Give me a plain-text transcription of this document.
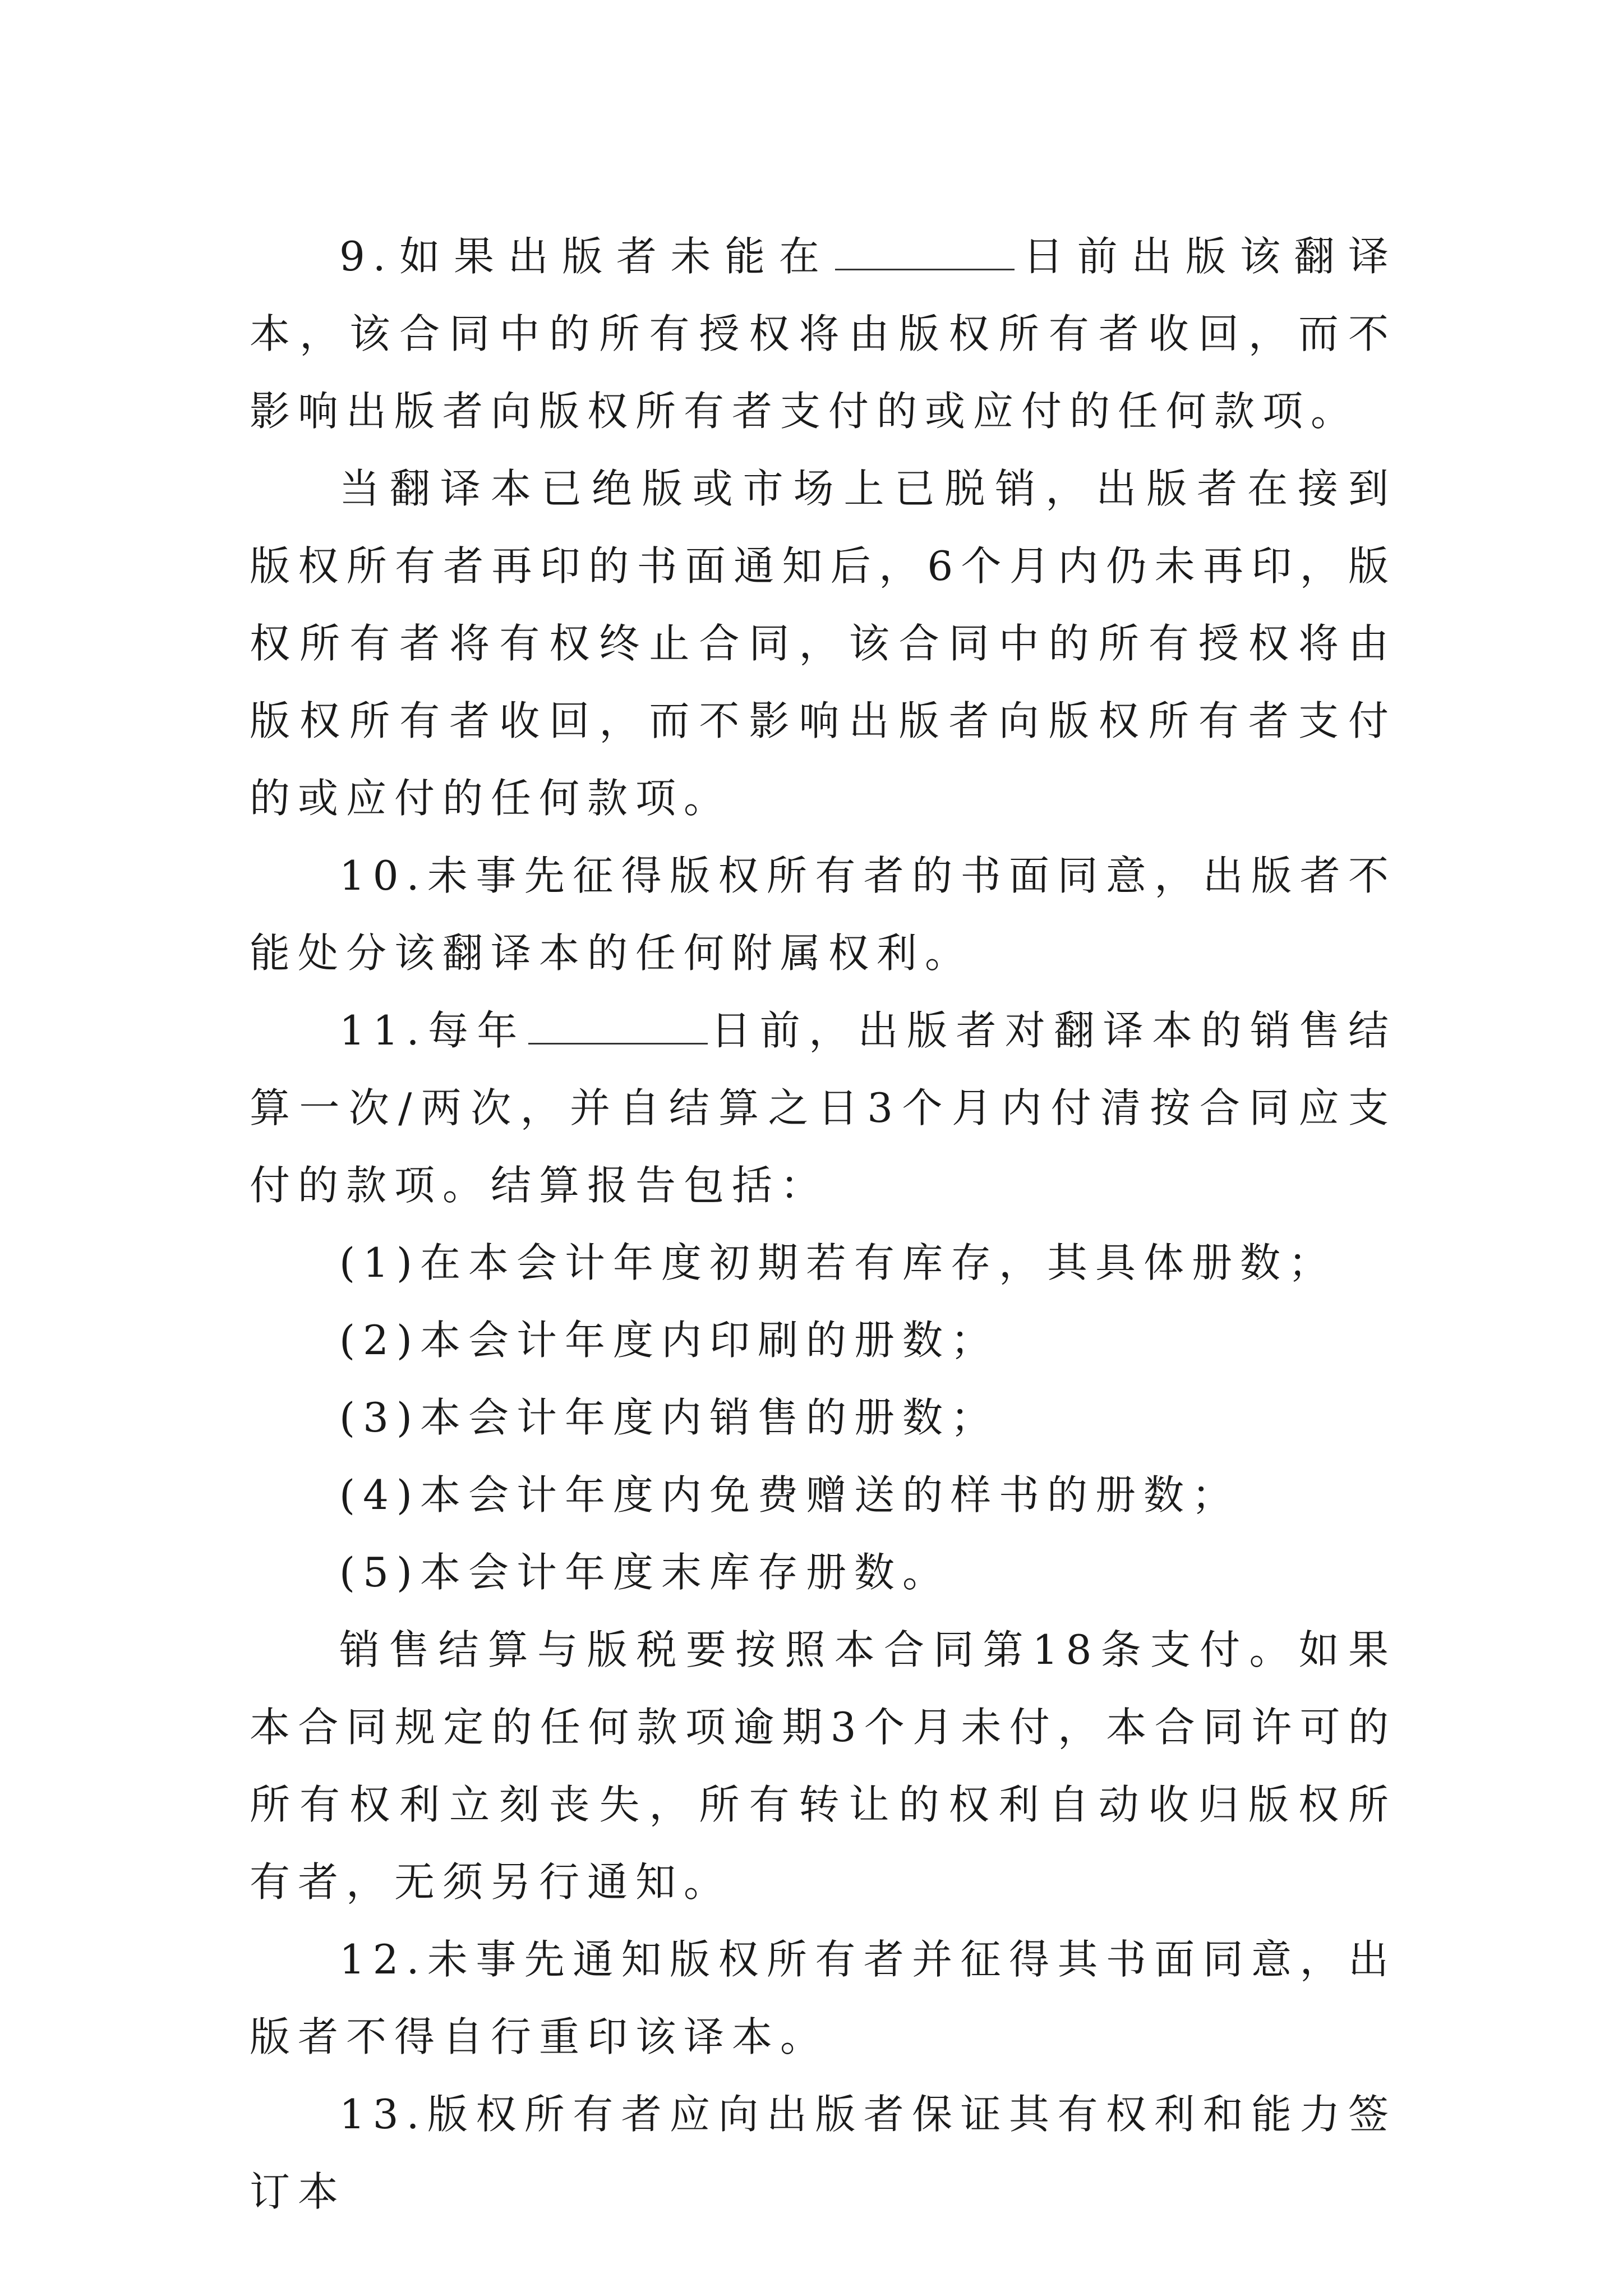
9.如果出版者未能在	日前出版该翻译本，该合同中的所有授权将由版权所有者收回，而不影响出版者向版权所有者支付的或应付的任何款项。

当翻译本已绝版或市场上已脱销，出版者在接到版权所有者再印的书面通知后，6个月内仍未再印，版权所有者将有权终止合同，该合同中的所有授权将由版权所有者收回，而不影响出版者向版权所有者支付的或应付的任何款项。

10.未事先征得版权所有者的书面同意，出版者不能处分该翻译本的任何附属权利。

11.每年	日前，出版者对翻译本的销售结算一次/两次，并自结算之日3个月内付清按合同应支付的款项。结算报告包括：

(1)在本会计年度初期若有库存，其具体册数；

(2)本会计年度内印刷的册数；

(3)本会计年度内销售的册数；

(4)本会计年度内免费赠送的样书的册数；

(5)本会计年度末库存册数。

销售结算与版税要按照本合同第18条支付。如果本合同规定的任何款项逾期3个月未付，本合同许可的所有权利立刻丧失，所有转让的权利自动收归版权所有者，无须另行通知。

12.未事先通知版权所有者并征得其书面同意，出版者不得自行重印该译本。

13.版权所有者应向出版者保证其有权利和能力签订本
